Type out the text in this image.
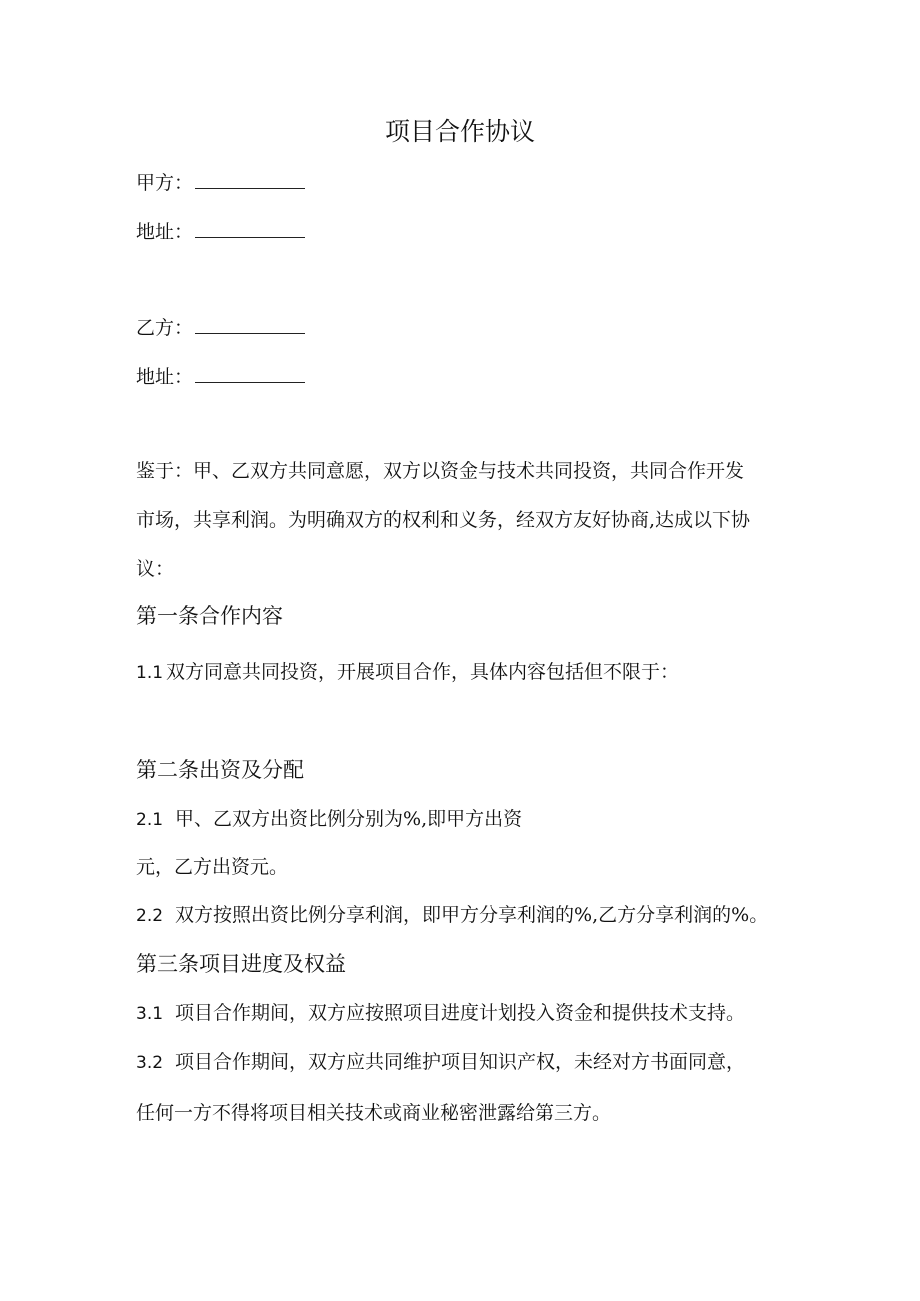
项目合作协议

甲方：

地址：

乙方：

地址：

鉴于：甲、乙双方共同意愿，双方以资金与技术共同投资，共同合作开发

市场，共享利润。为明确双方的权利和义务，经双方友好协商,达成以下协

议：

第一条合作内容

1.1 双方同意共同投资，开展项目合作，具体内容包括但不限于：

第二条出资及分配

2.1 甲、乙双方出资比例分别为%,即甲方出资

元，乙方出资元。

2.2 双方按照出资比例分享利润，即甲方分享利润的%,乙方分享利润的%。

第三条项目进度及权益

3.1 项目合作期间，双方应按照项目进度计划投入资金和提供技术支持。

3.2 项目合作期间，双方应共同维护项目知识产权，未经对方书面同意，

任何一方不得将项目相关技术或商业秘密泄露给第三方。
